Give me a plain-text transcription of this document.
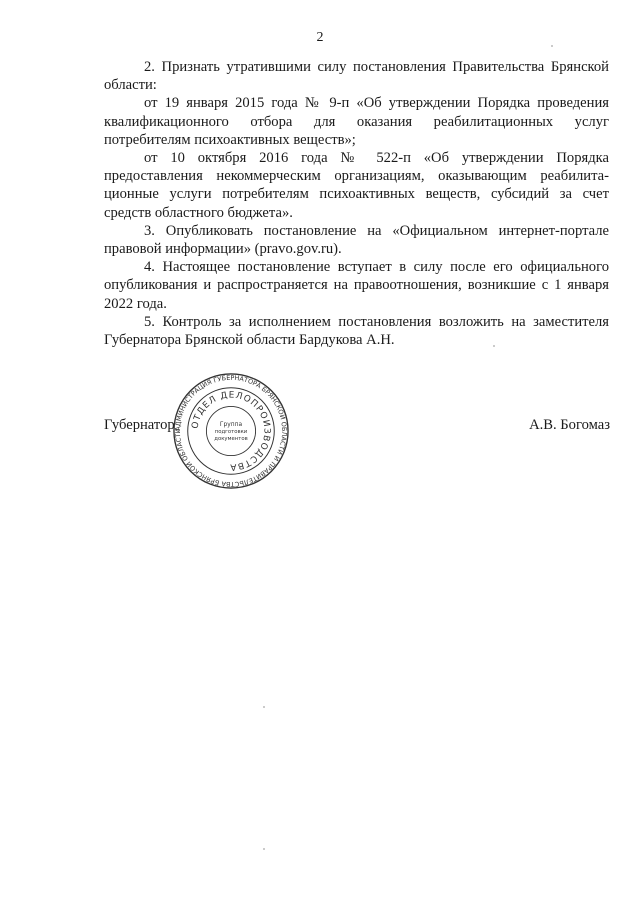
2

2. Признать утратившими силу постановления Правительства Брянской области:

от 19 января 2015 года № 9-п «Об утверждении Порядка проведения квалификационного отбора для оказания реабилитационных услуг потребителям психоактивных веществ»;

от 10 октября 2016 года № 522-п «Об утверждении Порядка предоставления некоммерческим организациям, оказывающим реабилита-ционные услуги потребителям психоактивных веществ, субсидий за счет средств областного бюджета».

3. Опубликовать постановление на «Официальном интернет-портале правовой информации» (pravo.gov.ru).

4. Настоящее постановление вступает в силу после его официального опубликования и распространяется на правоотношения, возникшие с 1 января 2022 года.

5. Контроль за исполнением постановления возложить на заместителя Губернатора Брянской области Бардукова А.Н.

Губернатор	А.В. Богомаз
АДМИНИСТРАЦИЯ ГУБЕРНАТОРА БРЯНСКОЙ ОБЛАСТИ И ПРАВИТЕЛЬСТВА БРЯНСКОЙ ОБЛАСТИ
ОТДЕЛ ДЕЛОПРОИЗВОДСТВА
Группа
подготовки
документов
